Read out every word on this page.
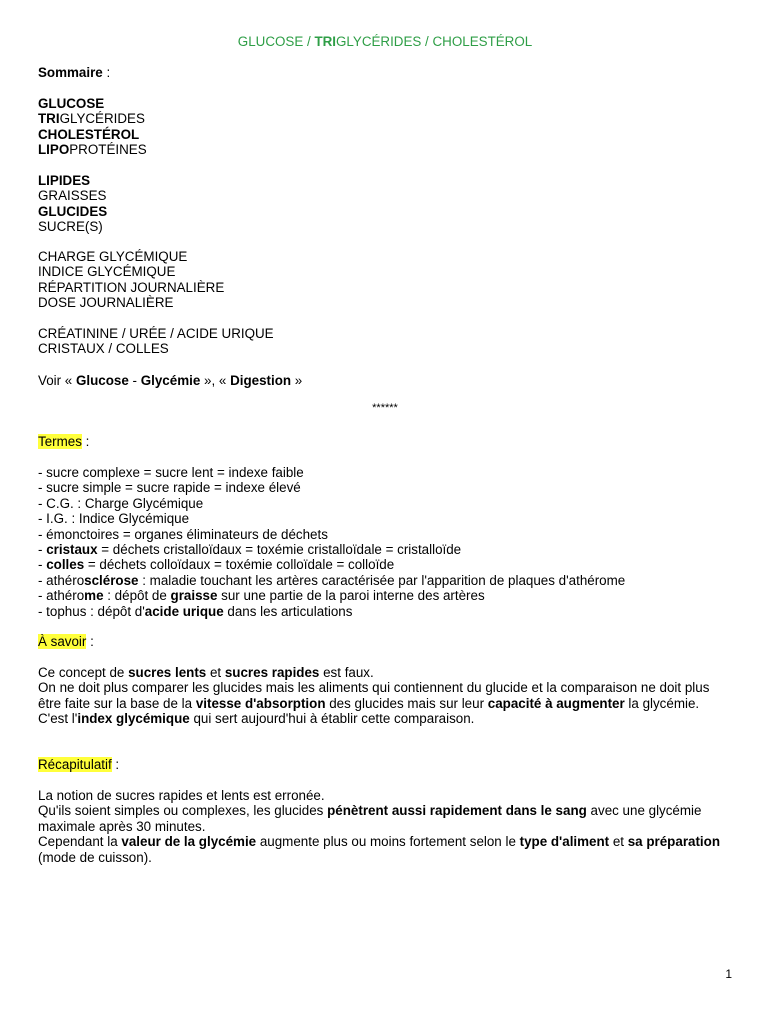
GLUCOSE / TRIGLYCÉRIDES / CHOLESTÉROL
Sommaire :
GLUCOSE
TRIGLYCÉRIDES
CHOLESTÉROL
LIPOPROTÉINES
LIPIDES
GRAISSES
GLUCIDES
SUCRE(S)
CHARGE GLYCÉMIQUE
INDICE GLYCÉMIQUE
RÉPARTITION JOURNALIÈRE
DOSE JOURNALIÈRE
CRÉATININE / URÉE / ACIDE URIQUE
CRISTAUX / COLLES
Voir « Glucose - Glycémie », « Digestion »
******
Termes :
- sucre complexe = sucre lent = indexe faible
- sucre simple = sucre rapide = indexe élevé
- C.G. : Charge Glycémique
- I.G. : Indice Glycémique
- émonctoires = organes éliminateurs de déchets
- cristaux = déchets cristalloïdaux = toxémie cristalloïdale = cristalloïde
- colles = déchets colloïdaux = toxémie colloïdale = colloïde
- athérosclérose : maladie touchant les artères caractérisée par l'apparition de plaques d'athérome
- athérome : dépôt de graisse sur une partie de la paroi interne des artères
- tophus : dépôt d'acide urique dans les articulations
À savoir :
Ce concept de sucres lents et sucres rapides est faux.
On ne doit plus comparer les glucides mais les aliments qui contiennent du glucide et la comparaison ne doit plus être faite sur la base de la vitesse d'absorption des glucides mais sur leur capacité à augmenter la glycémie.
C'est l'index glycémique qui sert aujourd'hui à établir cette comparaison.
Récapitulatif :
La notion de sucres rapides et lents est erronée.
Qu'ils soient simples ou complexes, les glucides pénètrent aussi rapidement dans le sang avec une glycémie maximale après 30 minutes.
Cependant la valeur de la glycémie augmente plus ou moins fortement selon le type d'aliment et sa préparation (mode de cuisson).
1
